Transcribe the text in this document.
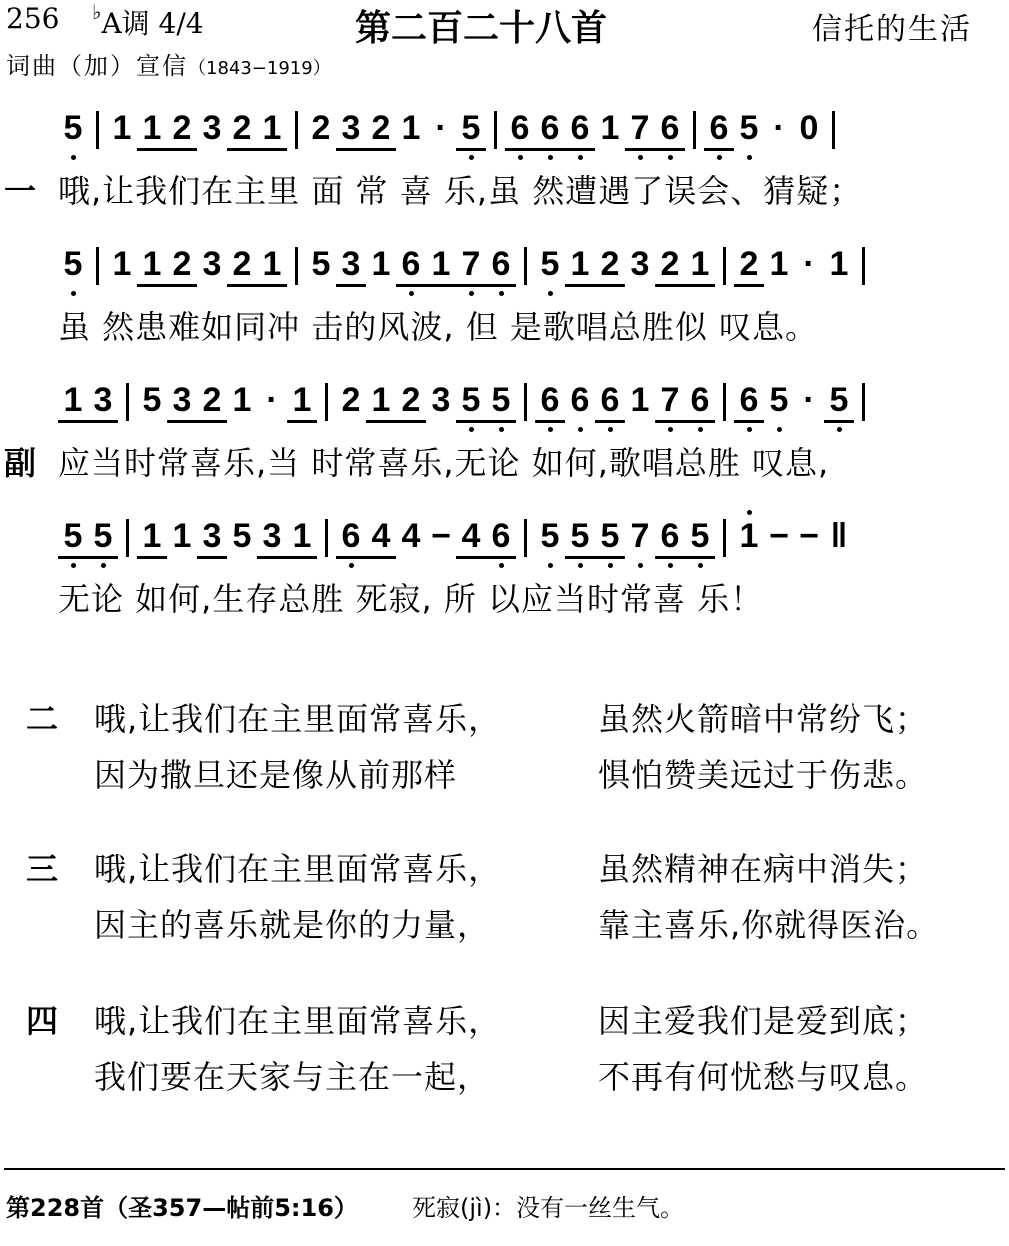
256 ♭A调 4/4	第二百二十八首	信托的生活
词曲（加）宣信（1843−1919）
5 1 1 2 3 2 1 2 3 2 1 · 5 6 6 6 1 7 6 6 5 · 0
一 哦,让我们在主里 面 常 喜 乐,虽 然遭遇了误会、猜疑；
5 1 1 2 3 2 1 5 3 1 6 1 7 6 5 1 2 3 2 1 2 1 · 1
虽 然患难如同冲 击的风波, 但 是歌唱总胜似 叹息。
1 3 5 3 2 1 · 1 2 1 2 3 5 5 6 6 6 1 7 6 6 5 · 5
副 应当时常喜乐,当 时常喜乐,无论 如何,歌唱总胜 叹息,
5 5 1 1 3 5 3 1 6 4 4 − 4 6 5 5 5 7 6 5 1 − − ‖
无论 如何,生存总胜 死寂, 所 以应当时常喜 乐！
二 哦,让我们在主里面常喜乐，	虽然火箭暗中常纷飞；
因为撒旦还是像从前那样	惧怕赞美远过于伤悲。
三 哦,让我们在主里面常喜乐，	虽然精神在病中消失；
因主的喜乐就是你的力量，	靠主喜乐,你就得医治。
四 哦,让我们在主里面常喜乐，	因主爱我们是爱到底；
我们要在天家与主在一起，	不再有何忧愁与叹息。
第228首（圣357—帖前5:16） 死寂(jì)：没有一丝生气。
